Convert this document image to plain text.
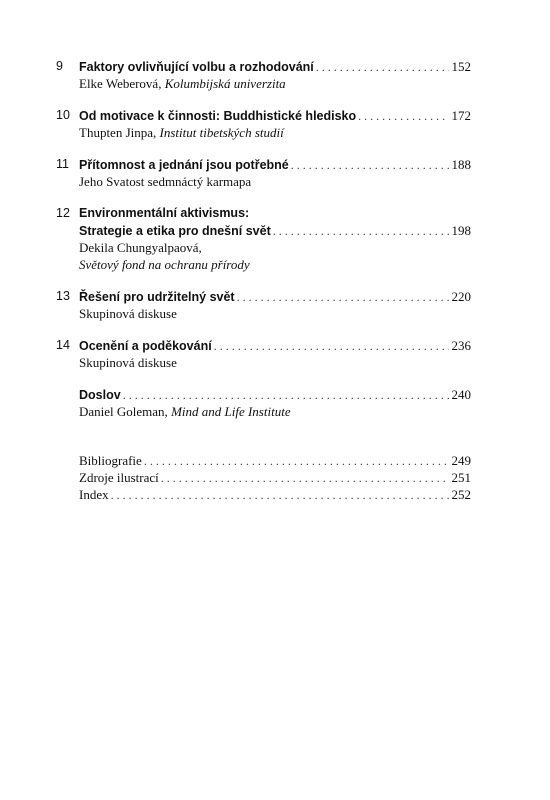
9	Faktory ovlivňující volbu a rozhodování . . .	152
Elke Weberová, Kolumbijská univerzita
10 Od motivace k činnosti: Buddhistické hledisko . . .	172
Thupten Jinpa, Institut tibetských studií
11 Přítomnost a jednání jsou potřebné . . .	188
Jeho Svatost sedmnáctý karmapa
12 Environmentální aktivismus:
Strategie a etika pro dnešní svět . . .	198
Dekila Chungyalpaová,
Světový fond na ochranu přírody
13 Řešení pro udržitelný svět . . .	220
Skupinová diskuse
14 Ocenění a poděkování . . .	236
Skupinová diskuse
Doslov . . .	240
Daniel Goleman, Mind and Life Institute
Bibliografie . . .	249
Zdroje ilustrací . . .	251
Index . . .	252
